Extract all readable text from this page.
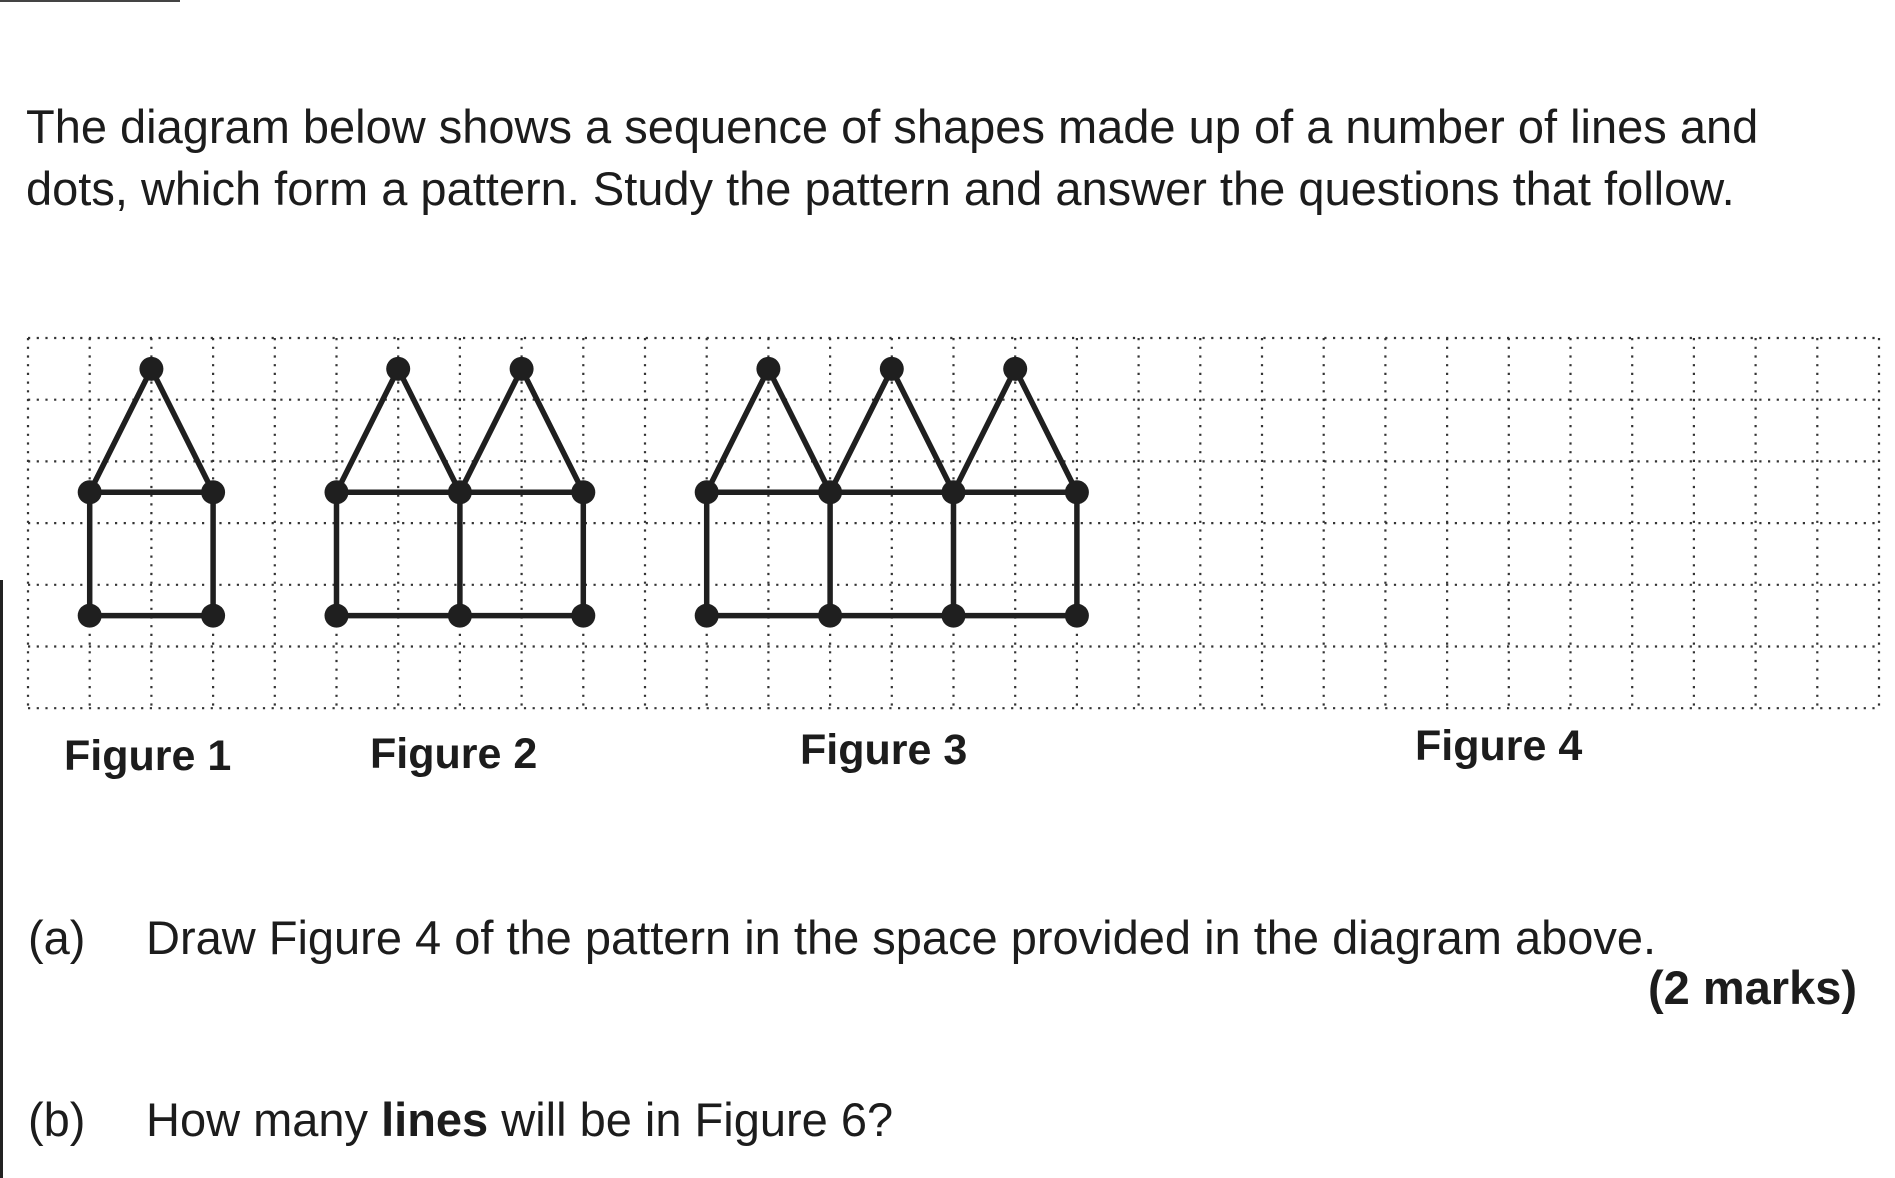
The diagram below shows a sequence of shapes made up of a number of lines and dots, which form a pattern. Study the pattern and answer the questions that follow.

Figure 1	Figure 2	Figure 3	Figure 4

(a) Draw Figure 4 of the pattern in the space provided in the diagram above.

(2 marks)

(b) How many lines will be in Figure 6?
